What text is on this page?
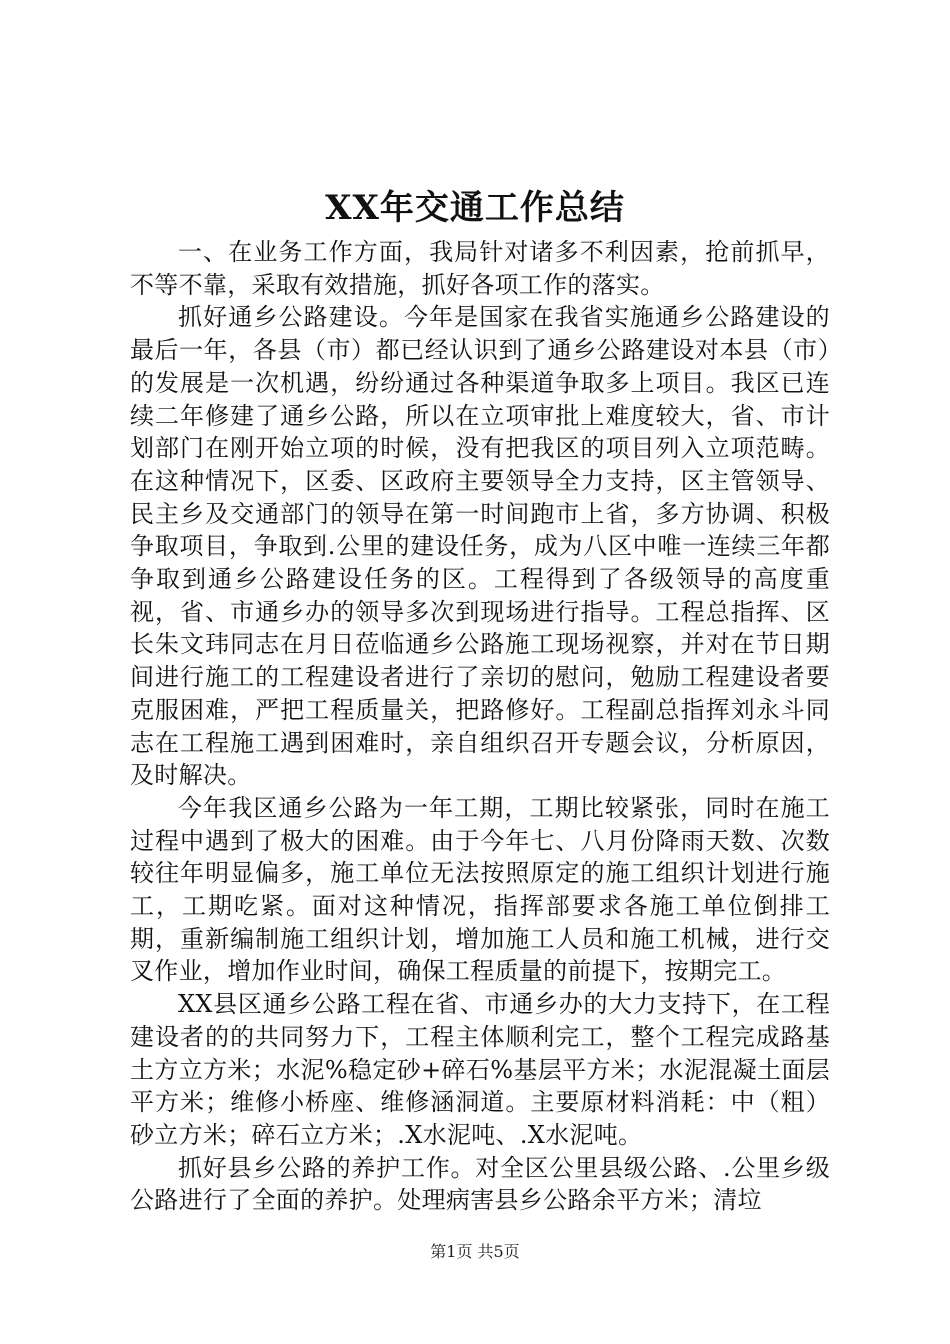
XX年交通工作总结

一、在业务工作方面，我局针对诸多不利因素，抢前抓早，不等不靠，采取有效措施，抓好各项工作的落实。

抓好通乡公路建设。今年是国家在我省实施通乡公路建设的最后一年，各县（市）都已经认识到了通乡公路建设对本县（市）的发展是一次机遇，纷纷通过各种渠道争取多上项目。我区已连续二年修建了通乡公路，所以在立项审批上难度较大，省、市计划部门在刚开始立项的时候，没有把我区的项目列入立项范畴。在这种情况下，区委、区政府主要领导全力支持，区主管领导、民主乡及交通部门的领导在第一时间跑市上省，多方协调、积极争取项目，争取到.公里的建设任务，成为八区中唯一连续三年都争取到通乡公路建设任务的区。工程得到了各级领导的高度重视，省、市通乡办的领导多次到现场进行指导。工程总指挥、区长朱文玮同志在月日莅临通乡公路施工现场视察，并对在节日期间进行施工的工程建设者进行了亲切的慰问，勉励工程建设者要克服困难，严把工程质量关，把路修好。工程副总指挥刘永斗同志在工程施工遇到困难时，亲自组织召开专题会议，分析原因，及时解决。

今年我区通乡公路为一年工期，工期比较紧张，同时在施工过程中遇到了极大的困难。由于今年七、八月份降雨天数、次数较往年明显偏多，施工单位无法按照原定的施工组织计划进行施工，工期吃紧。面对这种情况，指挥部要求各施工单位倒排工期，重新编制施工组织计划，增加施工人员和施工机械，进行交叉作业，增加作业时间，确保工程质量的前提下，按期完工。

XX县区通乡公路工程在省、市通乡办的大力支持下，在工程建设者的的共同努力下，工程主体顺利完工，整个工程完成路基土方立方米；水泥%稳定砂+碎石%基层平方米；水泥混凝土面层平方米；维修小桥座、维修涵洞道。主要原材料消耗：中（粗）砂立方米；碎石立方米；.X水泥吨、.X水泥吨。

抓好县乡公路的养护工作。对全区公里县级公路、.公里乡级公路进行了全面的养护。处理病害县乡公路余平方米；清垃

第1页 共5页
